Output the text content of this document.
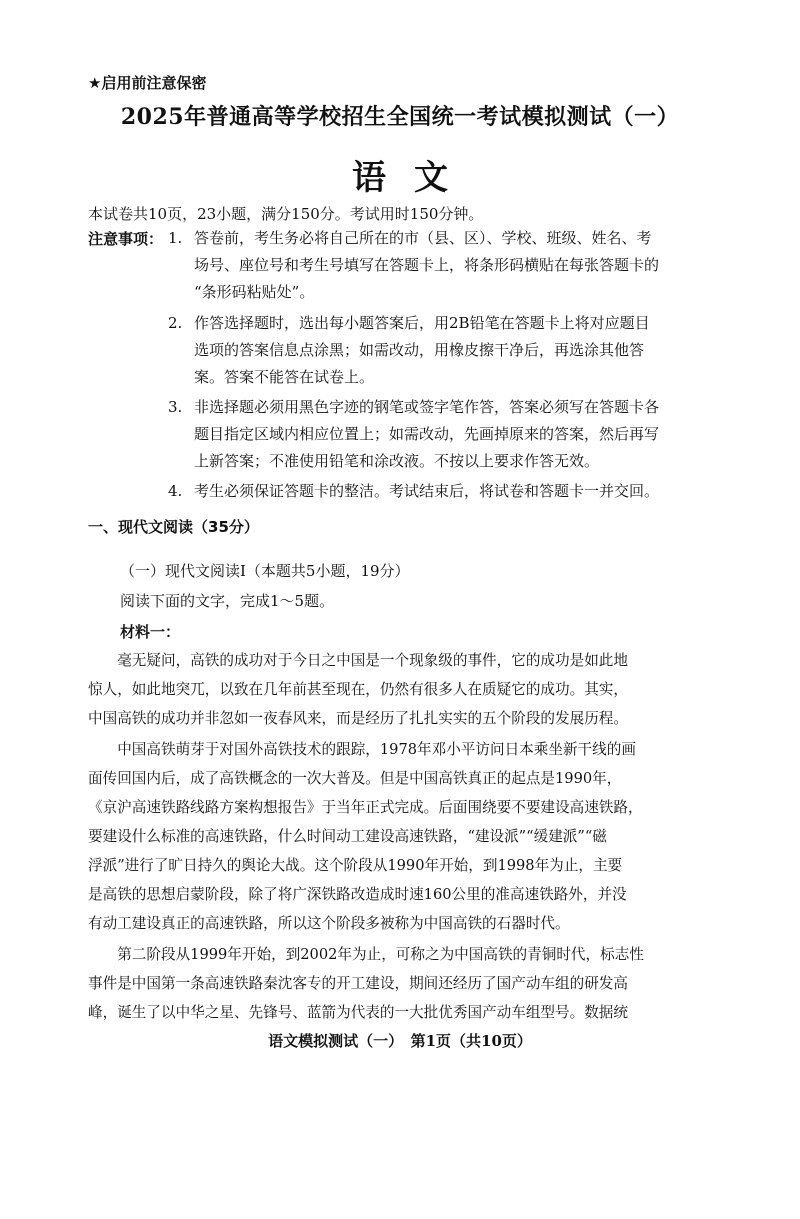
★启用前注意保密
2025年普通高等学校招生全国统一考试模拟测试（一）
语文
本试卷共10页，23小题，满分150分。考试用时150分钟。
注意事项： 1. 答卷前，考生务必将自己所在的市（县、区）、学校、班级、姓名、考
场号、座位号和考生号填写在答题卡上，将条形码横贴在每张答题卡的
“条形码粘贴处”。
2. 作答选择题时，选出每小题答案后，用2B铅笔在答题卡上将对应题目
选项的答案信息点涂黑；如需改动，用橡皮擦干净后，再选涂其他答
案。答案不能答在试卷上。
3. 非选择题必须用黑色字迹的钢笔或签字笔作答，答案必须写在答题卡各
题目指定区域内相应位置上；如需改动，先画掉原来的答案，然后再写
上新答案；不准使用铅笔和涂改液。不按以上要求作答无效。
4. 考生必须保证答题卡的整洁。考试结束后，将试卷和答题卡一并交回。
一、现代文阅读（35分）
（一）现代文阅读Ⅰ（本题共5小题，19分）
阅读下面的文字，完成1～5题。
材料一：
　　毫无疑问，高铁的成功对于今日之中国是一个现象级的事件，它的成功是如此地
惊人，如此地突兀，以致在几年前甚至现在，仍然有很多人在质疑它的成功。其实，
中国高铁的成功并非忽如一夜春风来，而是经历了扎扎实实的五个阶段的发展历程。
　　中国高铁萌芽于对国外高铁技术的跟踪，1978年邓小平访问日本乘坐新干线的画
面传回国内后，成了高铁概念的一次大普及。但是中国高铁真正的起点是1990年，
《京沪高速铁路线路方案构想报告》于当年正式完成。后面围绕要不要建设高速铁路，
要建设什么标准的高速铁路，什么时间动工建设高速铁路，“建设派”“缓建派”“磁
浮派”进行了旷日持久的舆论大战。这个阶段从1990年开始，到1998年为止，主要
是高铁的思想启蒙阶段，除了将广深铁路改造成时速160公里的准高速铁路外，并没
有动工建设真正的高速铁路，所以这个阶段多被称为中国高铁的石器时代。
　　第二阶段从1999年开始，到2002年为止，可称之为中国高铁的青铜时代，标志性
事件是中国第一条高速铁路秦沈客专的开工建设，期间还经历了国产动车组的研发高
峰，诞生了以中华之星、先锋号、蓝箭为代表的一大批优秀国产动车组型号。数据统
语文模拟测试（一）　第1页（共10页）
